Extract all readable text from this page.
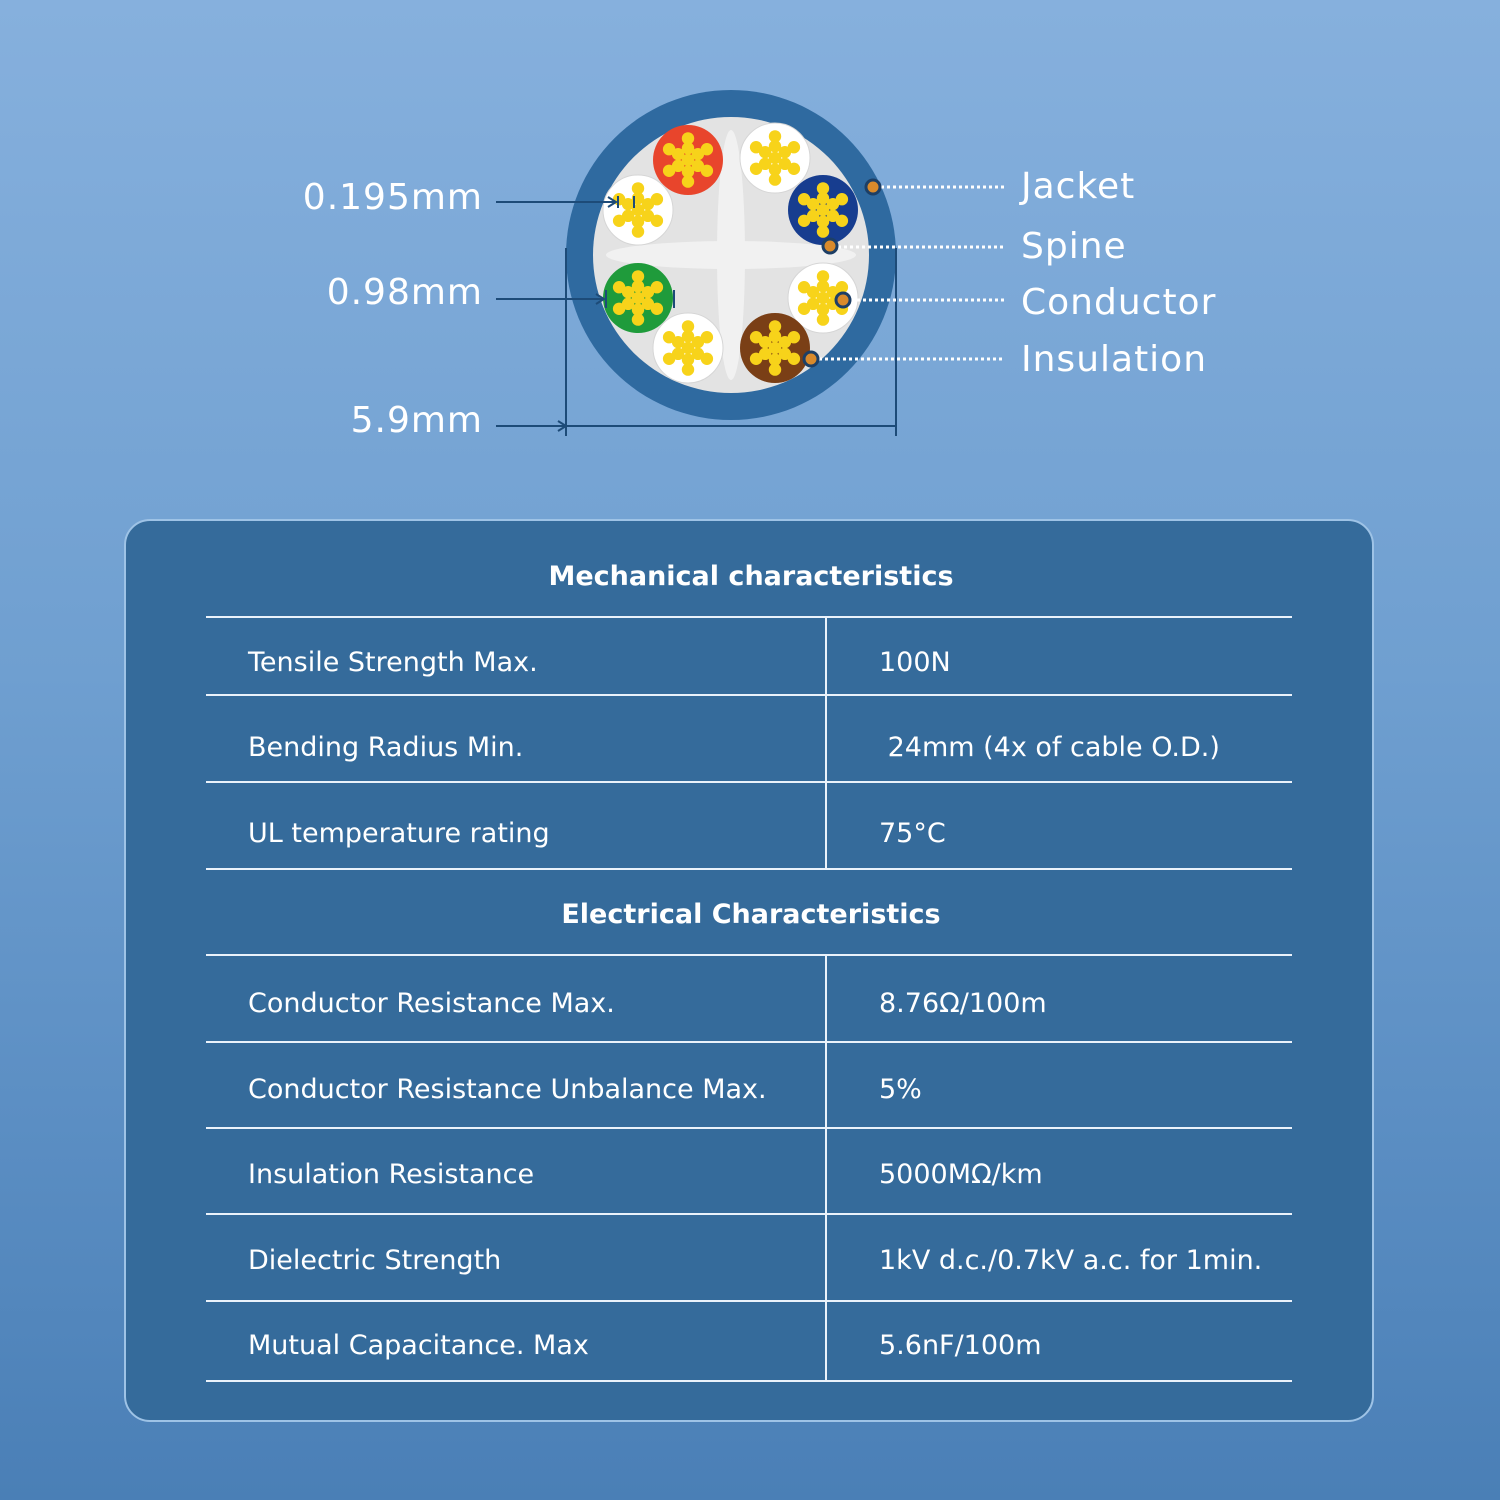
0.195mm
0.98mm
5.9mm
Jacket
Spine
Conductor
Insulation
Mechanical characteristics
Tensile Strength Max.	100N
Bending Radius Min.	24mm (4x of cable O.D.)
UL temperature rating	75°C
Electrical Characteristics
Conductor Resistance Max.	8.76Ω/100m
Conductor Resistance Unbalance Max.	5%
Insulation Resistance	5000MΩ/km
Dielectric Strength	1kV d.c./0.7kV a.c. for 1min.
Mutual Capacitance. Max	5.6nF/100m
